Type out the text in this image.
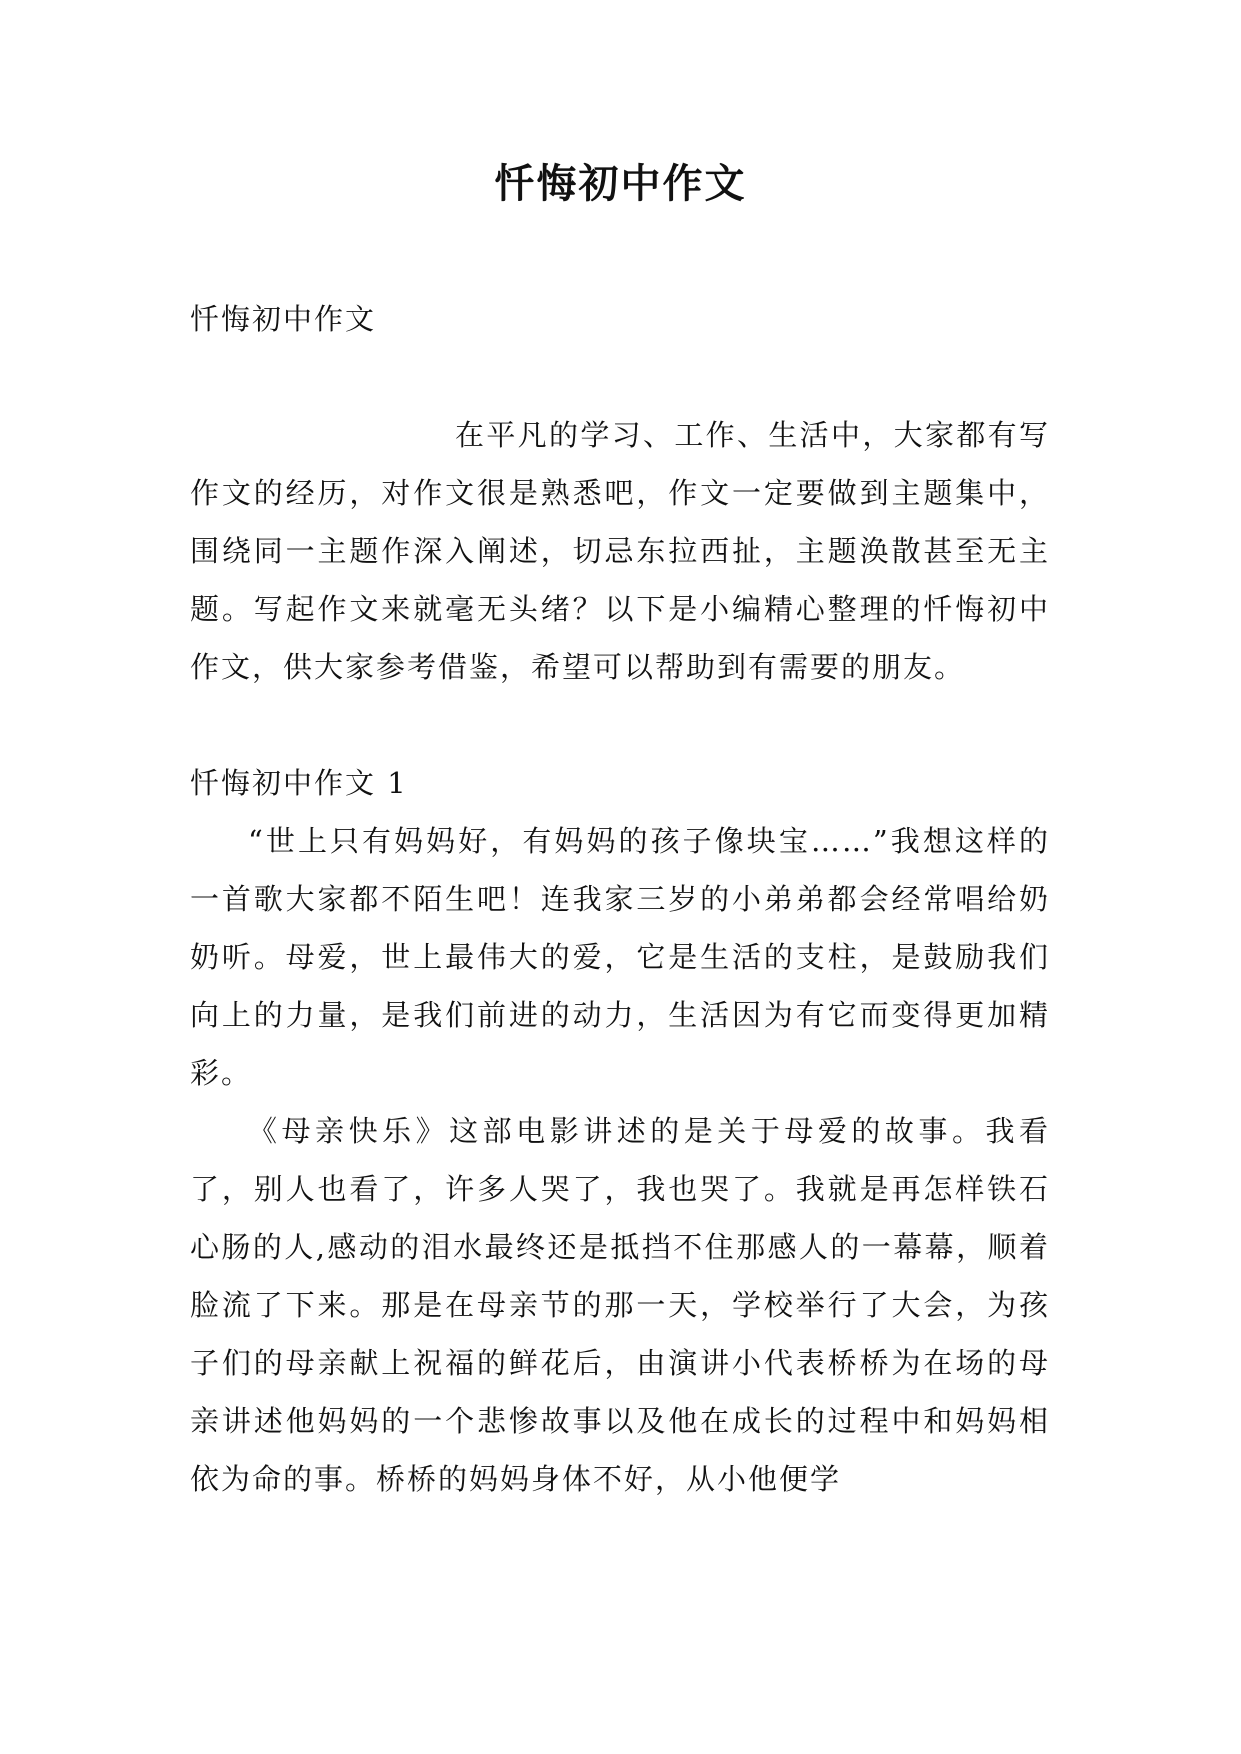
忏悔初中作文

忏悔初中作文

在平凡的学习、工作、生活中，大家都有写作文的经历，对作文很是熟悉吧，作文一定要做到主题集中，围绕同一主题作深入阐述，切忌东拉西扯，主题涣散甚至无主题。写起作文来就毫无头绪？以下是小编精心整理的忏悔初中作文，供大家参考借鉴，希望可以帮助到有需要的朋友。

忏悔初中作文 1

“世上只有妈妈好，有妈妈的孩子像块宝……”我想这样的一首歌大家都不陌生吧！连我家三岁的小弟弟都会经常唱给奶奶听。母爱，世上最伟大的爱，它是生活的支柱，是鼓励我们向上的力量，是我们前进的动力，生活因为有它而变得更加精彩。

《母亲快乐》这部电影讲述的是关于母爱的故事。我看了，别人也看了，许多人哭了，我也哭了。我就是再怎样铁石心肠的人,感动的泪水最终还是抵挡不住那感人的一幕幕，顺着脸流了下来。那是在母亲节的那一天，学校举行了大会，为孩子们的母亲献上祝福的鲜花后，由演讲小代表桥桥为在场的母亲讲述他妈妈的一个悲惨故事以及他在成长的过程中和妈妈相依为命的事。桥桥的妈妈身体不好，从小他便学
